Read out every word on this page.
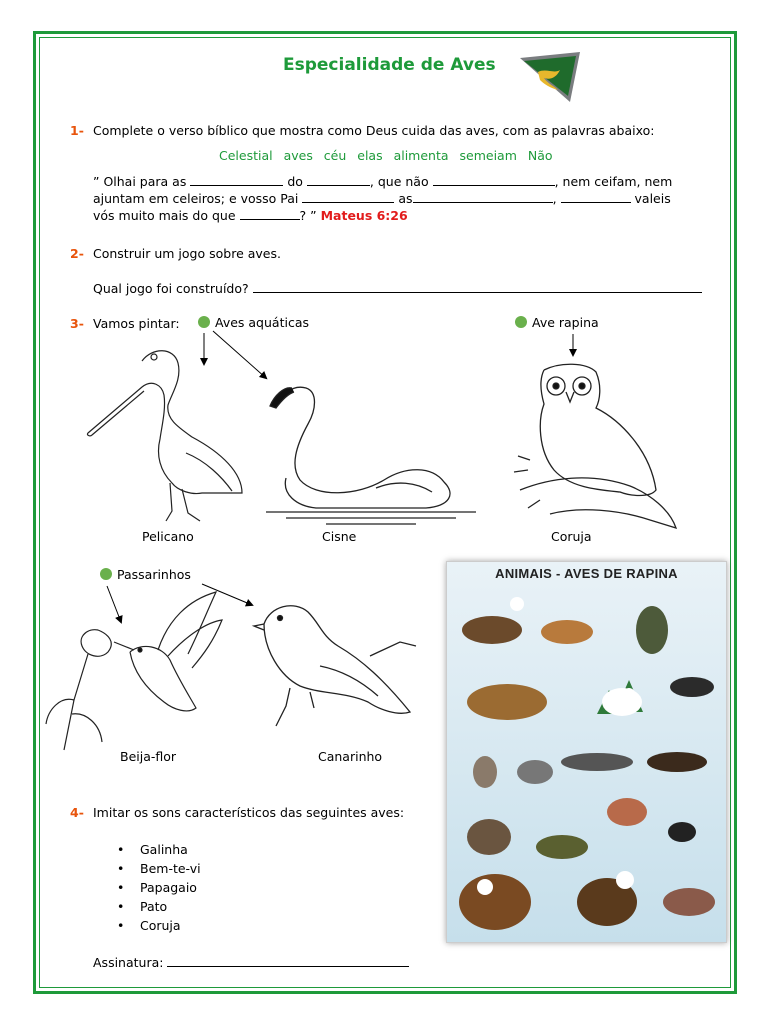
Especialidade de Aves
1- Complete o verso bíblico que mostra como Deus cuida das aves, com as palavras abaixo:
Celestial aves céu elas alimenta semeiam Não
” Olhai para as	do	, que não	, nem ceifam, nem
ajuntam em celeiros; e vosso Pai	as	,	valeis
vós muito mais do que	? ” Mateus 6:26
2- Construir um jogo sobre aves.
Qual jogo foi construído?
3- Vamos pintar:	Aves aquáticas	Ave rapina
Pelicano	Cisne	Coruja
Passarinhos
Beija-flor	Canarinho
ANIMAIS - AVES DE RAPINA
4- Imitar os sons característicos das seguintes aves:
• Galinha
• Bem-te-vi
• Papagaio
• Pato
• Coruja
Assinatura:
